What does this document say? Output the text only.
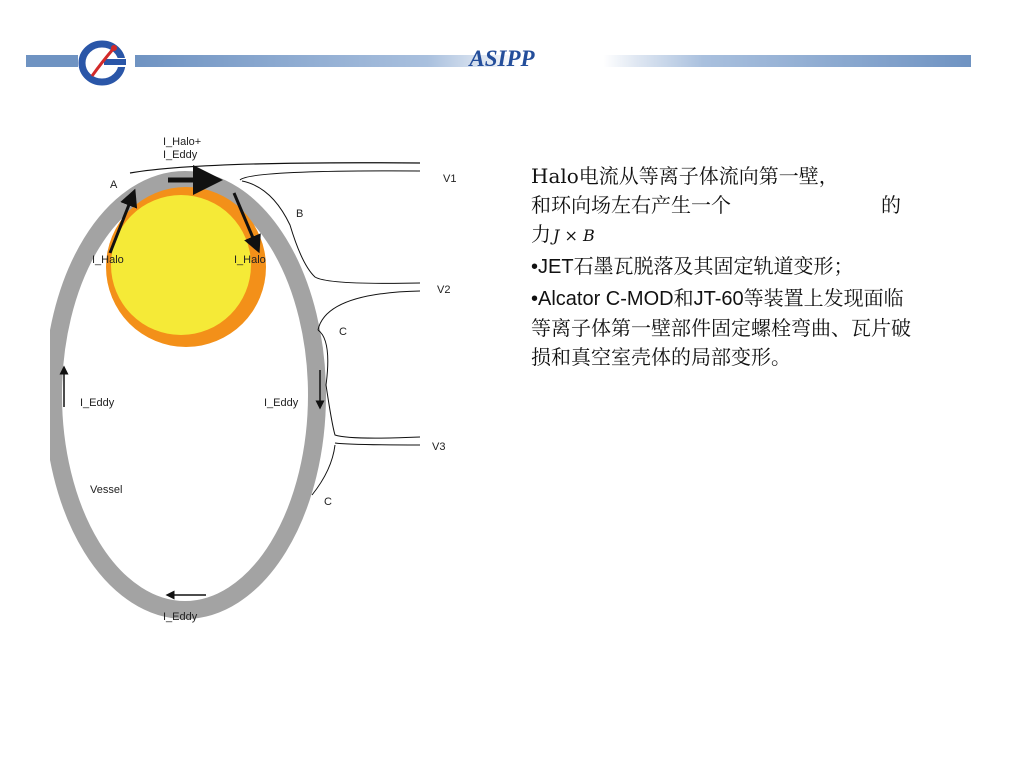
ASIPP
I_Halo+
I_Eddy
A
B
V1
V2
C
V3
C
I_Halo	I_Halo
I_Eddy	I_Eddy
Vessel
I_Eddy

Halo电流从等离子体流向第一壁，
和环向场左右产生一个	的
力 J × B

•JET石墨瓦脱落及其固定轨道变形；

•Alcator C-MOD和JT-60等装置上发现面临等离子体第一壁部件固定螺栓弯曲、瓦片破损和真空室壳体的局部变形。
